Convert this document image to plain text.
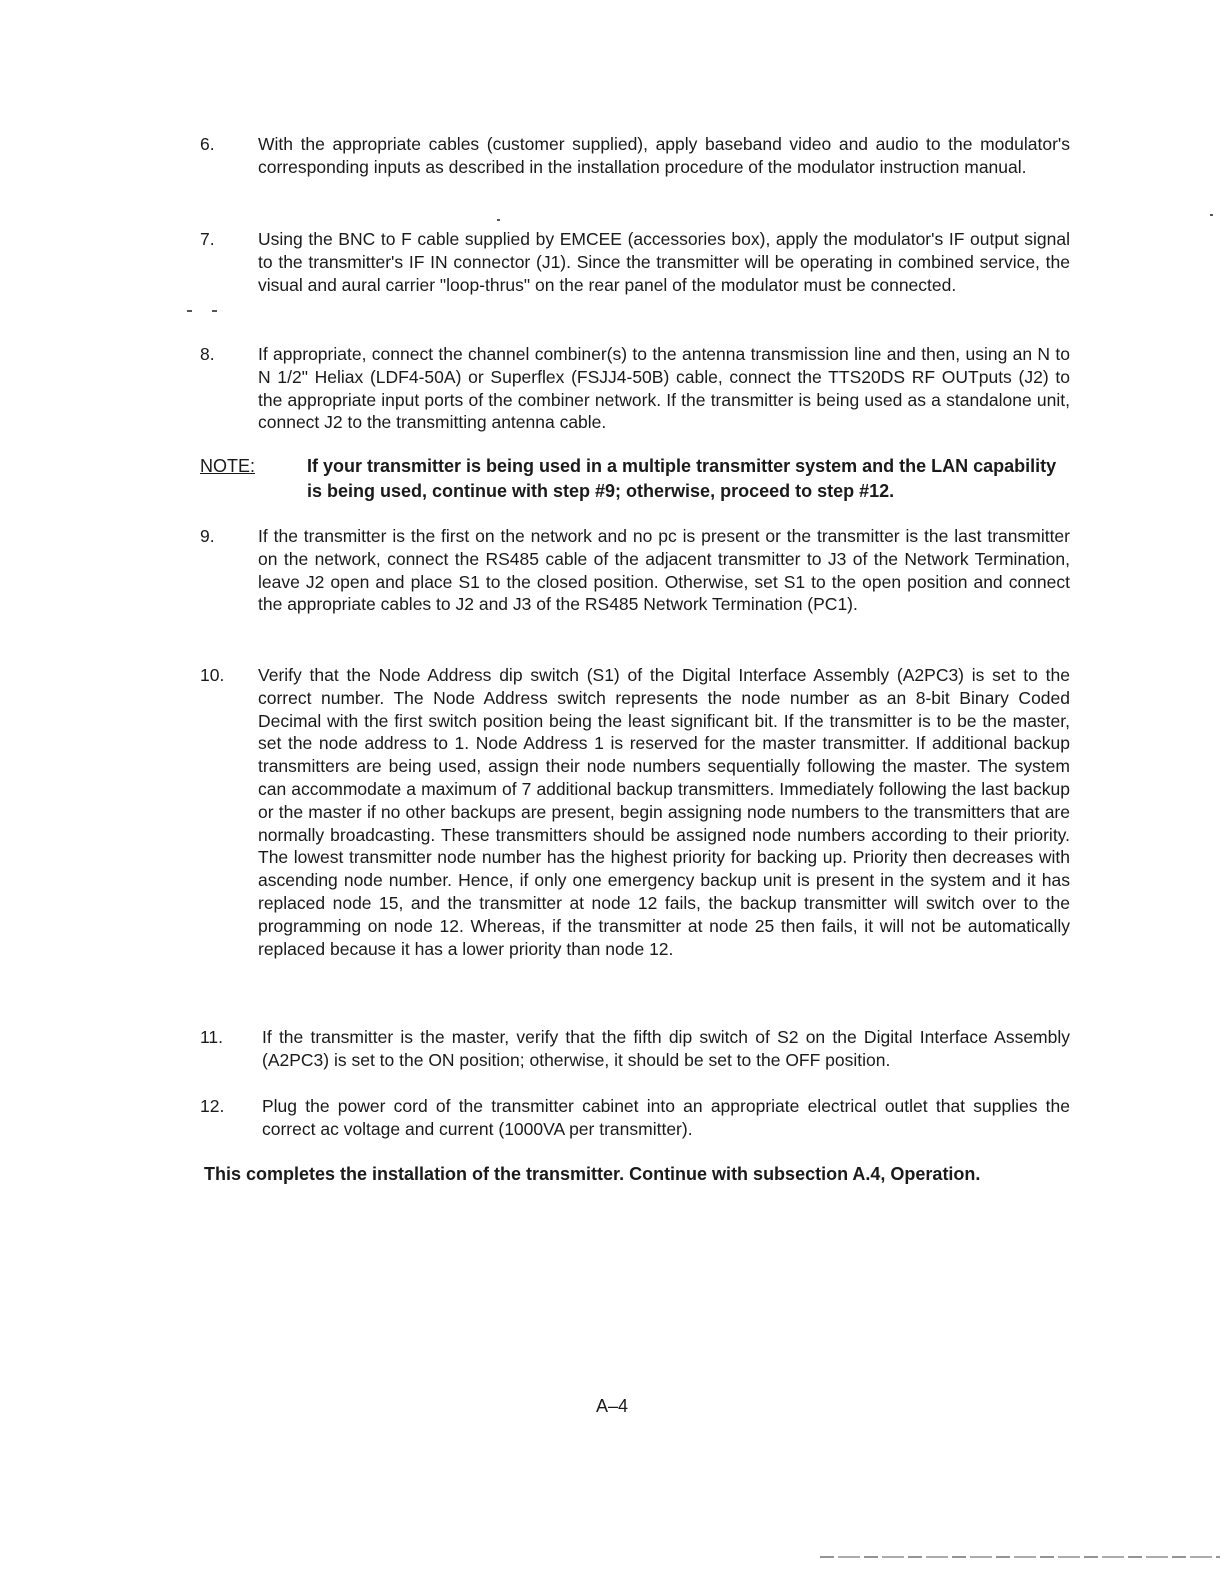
6.	With the appropriate cables (customer supplied), apply baseband video and audio to the modulator's corresponding inputs as described in the installation procedure of the modulator instruction manual.
7.	Using the BNC to F cable supplied by EMCEE (accessories box), apply the modulator's IF output signal to the transmitter's IF IN connector (J1). Since the transmitter will be operating in combined service, the visual and aural carrier "loop-thrus" on the rear panel of the modulator must be connected.
8.	If appropriate, connect the channel combiner(s) to the antenna transmission line and then, using an N to N 1/2" Heliax (LDF4-50A) or Superflex (FSJJ4-50B) cable, connect the TTS20DS RF OUTputs (J2) to the appropriate input ports of the combiner network. If the transmitter is being used as a standalone unit, connect J2 to the transmitting antenna cable.
NOTE:	If your transmitter is being used in a multiple transmitter system and the LAN capability is being used, continue with step #9; otherwise, proceed to step #12.
9.	If the transmitter is the first on the network and no pc is present or the transmitter is the last transmitter on the network, connect the RS485 cable of the adjacent transmitter to J3 of the Network Termination, leave J2 open and place S1 to the closed position. Otherwise, set S1 to the open position and connect the appropriate cables to J2 and J3 of the RS485 Network Termination (PC1).
10.	Verify that the Node Address dip switch (S1) of the Digital Interface Assembly (A2PC3) is set to the correct number. The Node Address switch represents the node number as an 8-bit Binary Coded Decimal with the first switch position being the least significant bit. If the transmitter is to be the master, set the node address to 1. Node Address 1 is reserved for the master transmitter. If additional backup transmitters are being used, assign their node numbers sequentially following the master. The system can accommodate a maximum of 7 additional backup transmitters. Immediately following the last backup or the master if no other backups are present, begin assigning node numbers to the transmitters that are normally broadcasting. These transmitters should be assigned node numbers according to their priority. The lowest transmitter node number has the highest priority for backing up. Priority then decreases with ascending node number. Hence, if only one emergency backup unit is present in the system and it has replaced node 15, and the transmitter at node 12 fails, the backup transmitter will switch over to the programming on node 12. Whereas, if the transmitter at node 25 then fails, it will not be automatically replaced because it has a lower priority than node 12.
11.	If the transmitter is the master, verify that the fifth dip switch of S2 on the Digital Interface Assembly (A2PC3) is set to the ON position; otherwise, it should be set to the OFF position.
12.	Plug the power cord of the transmitter cabinet into an appropriate electrical outlet that supplies the correct ac voltage and current (1000VA per transmitter).
This completes the installation of the transmitter. Continue with subsection A.4, Operation.
A–4
